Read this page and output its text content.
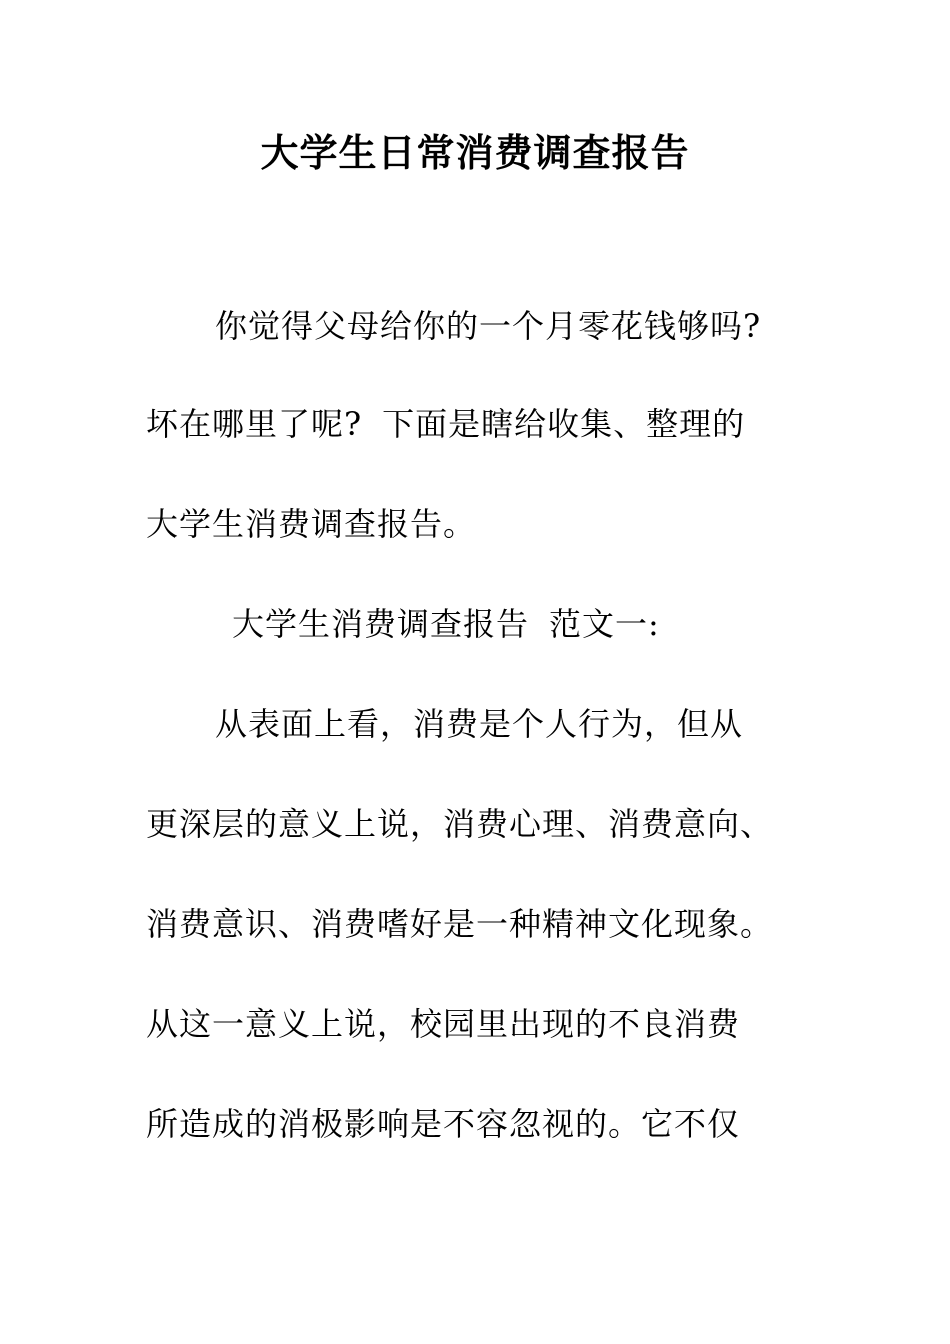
大学生日常消费调查报告
你觉得父母给你的一个月零花钱够吗?
坏在哪里了呢? 下面是瞎给收集、整理的
大学生消费调查报告。
大学生消费调查报告 范文一:
从表面上看，消费是个人行为，但从
更深层的意义上说，消费心理、消费意向、
消费意识、消费嗜好是一种精神文化现象。
从这一意义上说，校园里出现的不良消费
所造成的消极影响是不容忽视的。它不仅
